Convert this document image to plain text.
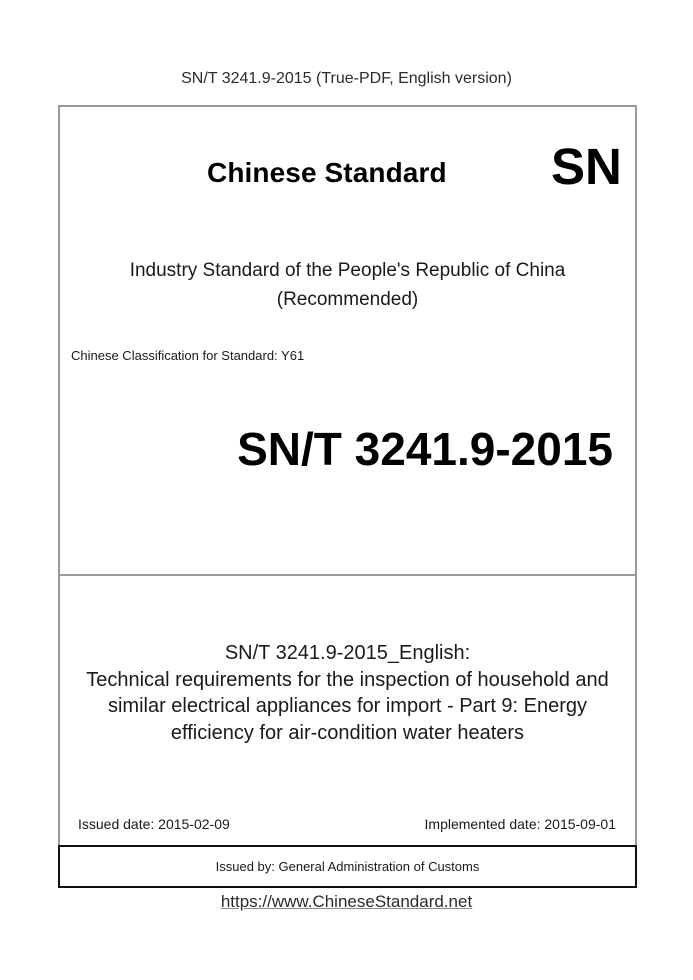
SN/T 3241.9-2015 (True-PDF, English version)
Chinese Standard SN
Industry Standard of the People's Republic of China
(Recommended)
Chinese Classification for Standard: Y61
SN/T 3241.9-2015
SN/T 3241.9-2015_English:
Technical requirements for the inspection of household and
similar electrical appliances for import - Part 9: Energy
efficiency for air-condition water heaters
Issued date: 2015-02-09	Implemented date: 2015-09-01
Issued by: General Administration of Customs
https://www.ChineseStandard.net
